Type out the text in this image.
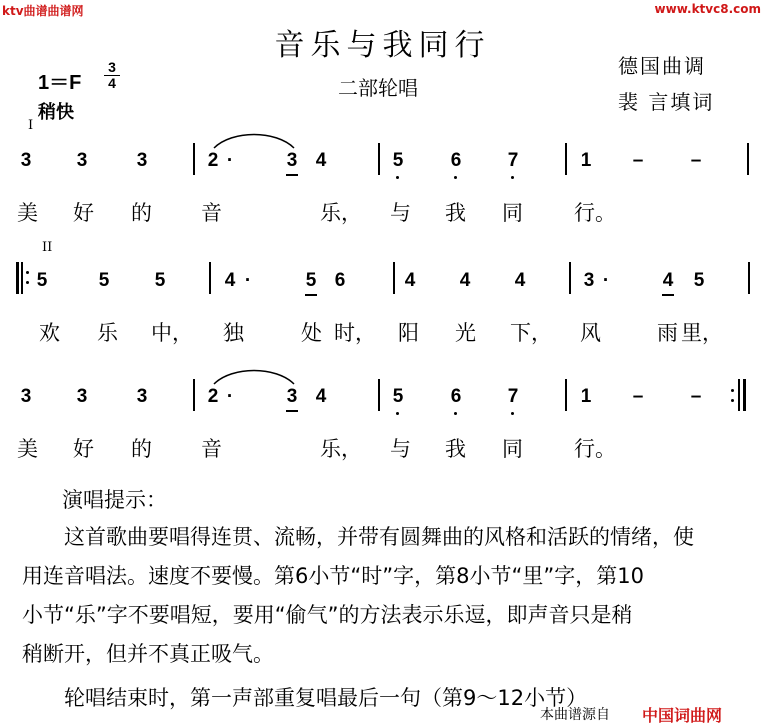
ktv曲谱曲谱网	www.ktvc8.com
音乐与我同行
德国曲调
裴 言填词
1＝F
3
4	二部轮唱
稍快
I
II
3 3	3	2 ·	3 4	5 6 7	1 – –
美 好 的 音	乐， 与 我 同 行。
5	5 5	4 ·	5 6	4 4 4	3 ·	4 5
欢 乐 中， 独	处 时， 阳 光 下， 风	雨 里，
3 3	3	2 ·	3 4	5 6 7	1 – –
美 好 的 音	乐， 与 我 同 行。
演唱提示：
这首歌曲要唱得连贯、流畅，并带有圆舞曲的风格和活跃的情绪，使
用连音唱法。速度不要慢。第6小节“时”字，第8小节“里”字，第10
小节“乐”字不要唱短，要用“偷气”的方法表示乐逗，即声音只是稍
稍断开，但并不真正吸气。
轮唱结束时，第一声部重复唱最后一句（第9～12小节）
本曲谱源自 中国词曲网
